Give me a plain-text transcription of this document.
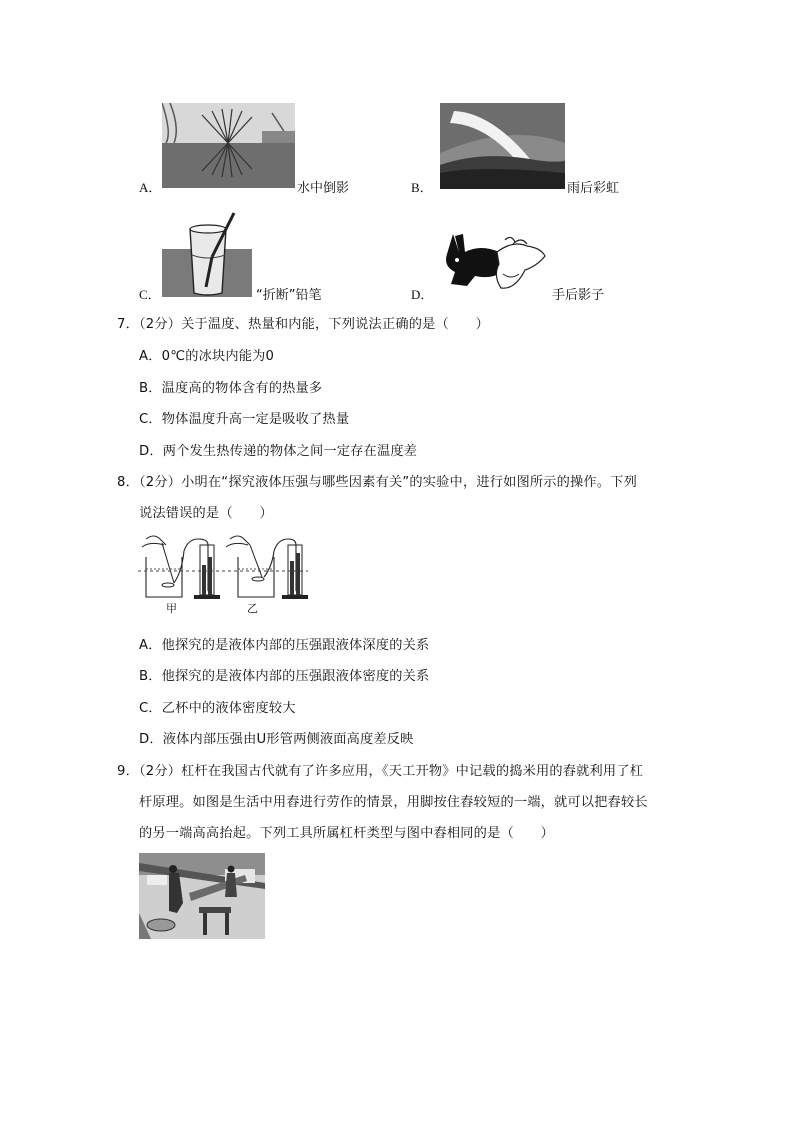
A．	水中倒影	B．	雨后彩虹
C．	“折断”铅笔	D．	手后影子
7．（2分）关于温度、热量和内能，下列说法正确的是（　　）
A．0℃的冰块内能为0
B．温度高的物体含有的热量多
C．物体温度升高一定是吸收了热量
D．两个发生热传递的物体之间一定存在温度差
8．（2分）小明在“探究液体压强与哪些因素有关”的实验中，进行如图所示的操作。下列
说法错误的是（　　）
甲	乙
A．他探究的是液体内部的压强跟液体深度的关系
B．他探究的是液体内部的压强跟液体密度的关系
C．乙杯中的液体密度较大
D．液体内部压强由U形管两侧液面高度差反映
9．（2分）杠杆在我国古代就有了许多应用，《天工开物》中记载的捣米用的舂就利用了杠
杆原理。如图是生活中用舂进行劳作的情景，用脚按住舂较短的一端，就可以把舂较长
的另一端高高抬起。下列工具所属杠杆类型与图中舂相同的是（　　）
